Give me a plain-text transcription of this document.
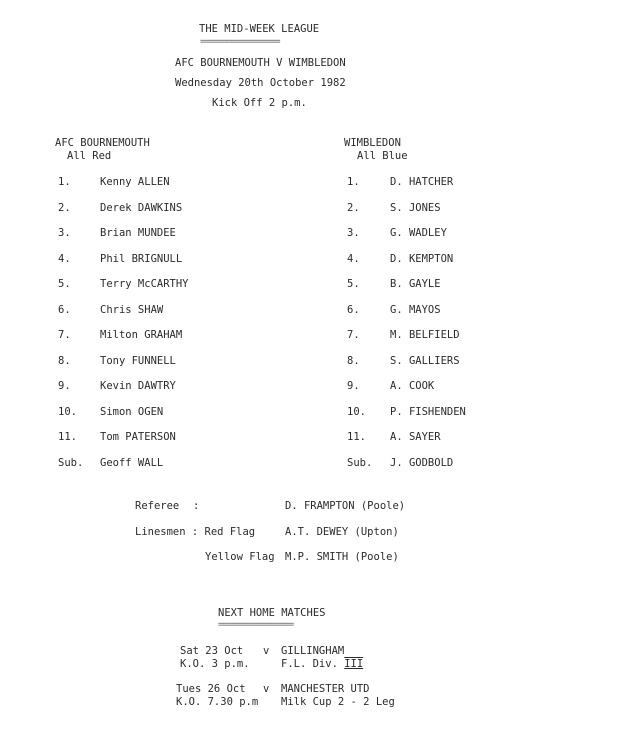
THE MID-WEEK LEAGUE
==================
AFC BOURNEMOUTH V WIMBLEDON
Wednesday 20th October 1982
Kick Off 2 p.m.
AFC BOURNEMOUTH
All Red
1.	Kenny ALLEN
2.	Derek DAWKINS
3.	Brian MUNDEE
4.	Phil BRIGNULL
5.	Terry McCARTHY
6.	Chris SHAW
7.	Milton GRAHAM
8.	Tony FUNNELL
9.	Kevin DAWTRY
10. Simon OGEN
11. Tom PATERSON
Sub. Geoff WALL
WIMBLEDON
All Blue
1.	D. HATCHER
2.	S. JONES
3.	G. WADLEY
4.	D. KEMPTON
5.	B. GAYLE
6.	G. MAYOS
7.	M. BELFIELD
8.	S. GALLIERS
9.	A. COOK
10. P. FISHENDEN
11. A. SAYER
Sub. J. GODBOLD
Referee :	D. FRAMPTON (Poole)
Linesmen : Red Flag	A.T. DEWEY (Upton)
Yellow Flag M.P. SMITH (Poole)
NEXT HOME MATCHES
=================
Sat 23 Oct v GILLINGHAM
K.O. 3 p.m.	F.L. Div. III
Tues 26 Oct v MANCHESTER UTD
K.O. 7.30 p.m Milk Cup 2 - 2 Leg
